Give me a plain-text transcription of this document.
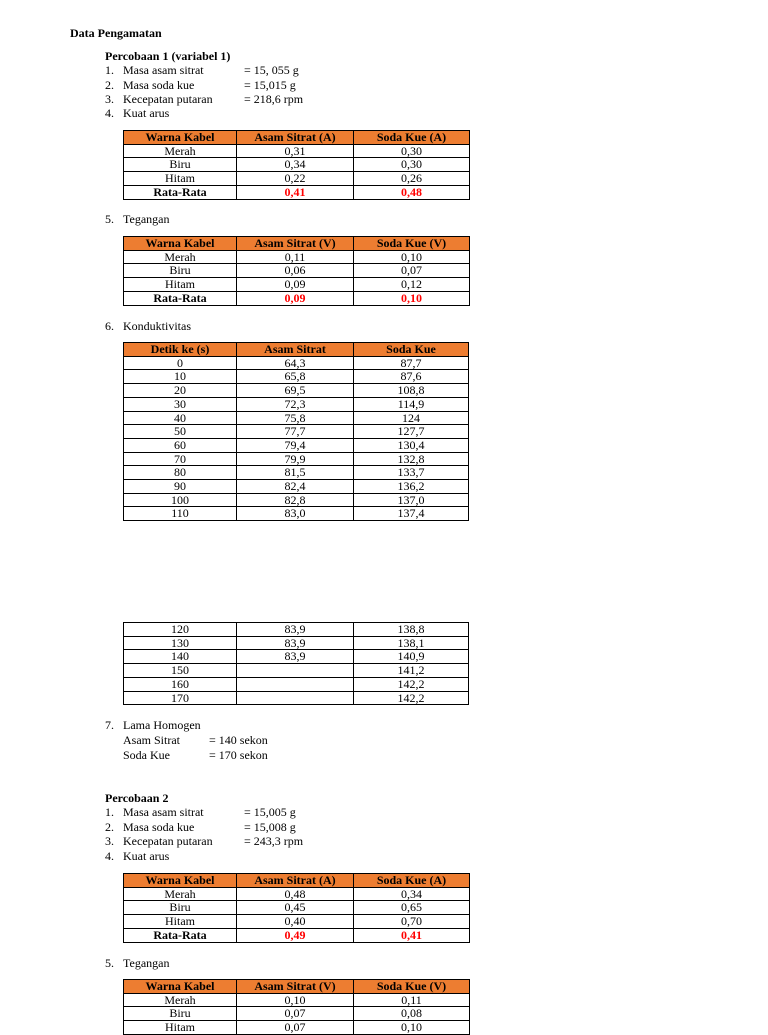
Data Pengamatan
Percobaan 1 (variabel 1)
1. Masa asam sitrat	= 15, 055 g
2. Masa soda kue	= 15,015 g
3. Kecepatan putaran	= 218,6 rpm
4. Kuat arus
Warna Kabel	Asam Sitrat (A)	Soda Kue (A)
Merah	0,31	0,30
Biru	0,34	0,30
Hitam	0,22	0,26
Rata-Rata	0,41	0,48
5. Tegangan
Warna Kabel	Asam Sitrat (V)	Soda Kue (V)
Merah	0,11	0,10
Biru	0,06	0,07
Hitam	0,09	0,12
Rata-Rata	0,09	0,10
6. Konduktivitas
Detik ke (s)	Asam Sitrat	Soda Kue
0	64,3	87,7
10	65,8	87,6
20	69,5	108,8
30	72,3	114,9
40	75,8	124
50	77,7	127,7
60	79,4	130,4
70	79,9	132,8
80	81,5	133,7
90	82,4	136,2
100	82,8	137,0
110	83,0	137,4
120	83,9	138,8
130	83,9	138,1
140	83,9	140,9
150		141,2
160		142,2
170		142,2
7. Lama Homogen
Asam Sitrat = 140 sekon
Soda Kue	= 170 sekon
Percobaan 2
1. Masa asam sitrat	= 15,005 g
2. Masa soda kue	= 15,008 g
3. Kecepatan putaran	= 243,3 rpm
4. Kuat arus
Warna Kabel	Asam Sitrat (A)	Soda Kue (A)
Merah	0,48	0,34
Biru	0,45	0,65
Hitam	0,40	0,70
Rata-Rata	0,49	0,41
5. Tegangan
Warna Kabel	Asam Sitrat (V)	Soda Kue (V)
Merah	0,10	0,11
Biru	0,07	0,08
Hitam	0,07	0,10
